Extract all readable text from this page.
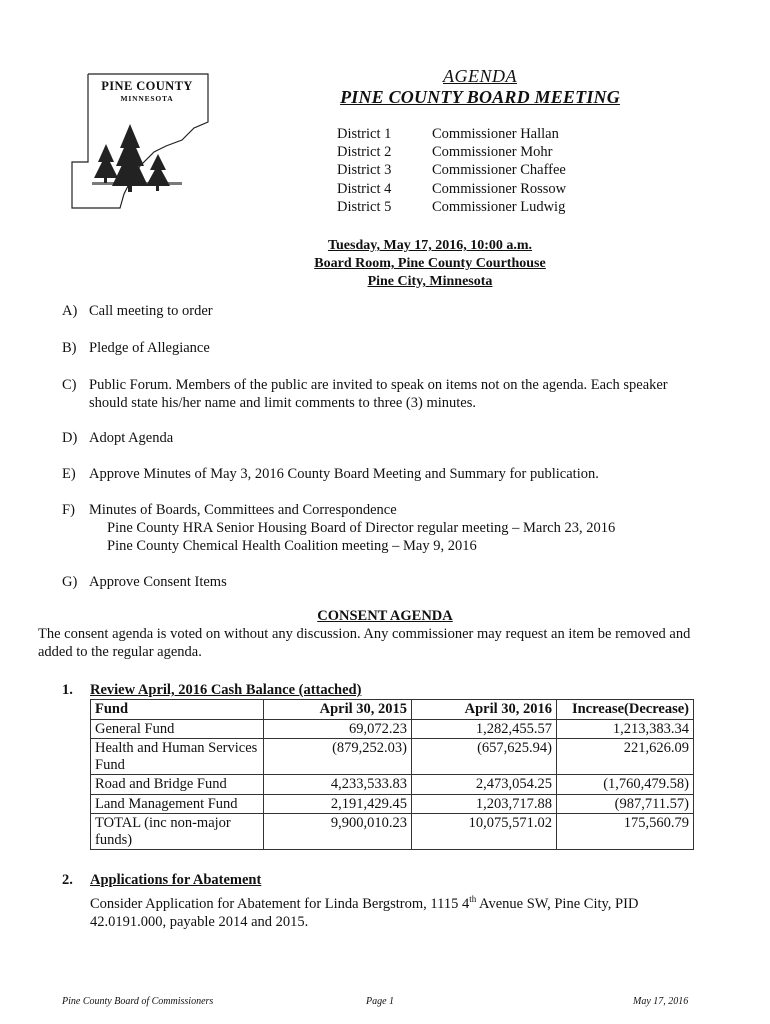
PINE COUNTY
MINNESOTA
AGENDA
PINE COUNTY BOARD MEETING
District 1	Commissioner Hallan
District 2	Commissioner Mohr
District 3	Commissioner Chaffee
District 4	Commissioner Rossow
District 5	Commissioner Ludwig
Tuesday, May 17, 2016, 10:00 a.m.
Board Room, Pine County Courthouse
Pine City, Minnesota
A) Call meeting to order
B) Pledge of Allegiance
C) Public Forum. Members of the public are invited to speak on items not on the agenda. Each speaker
should state his/her name and limit comments to three (3) minutes.
D) Adopt Agenda
E) Approve Minutes of May 3, 2016 County Board Meeting and Summary for publication.
F) Minutes of Boards, Committees and Correspondence
Pine County HRA Senior Housing Board of Director regular meeting – March 23, 2016
Pine County Chemical Health Coalition meeting – May 9, 2016
G) Approve Consent Items
CONSENT AGENDA
The consent agenda is voted on without any discussion. Any commissioner may request an item be removed and
added to the regular agenda.
1. Review April, 2016 Cash Balance (attached)
Fund	April 30, 2015	April 30, 2016	Increase(Decrease)
General Fund	69,072.23	1,282,455.57	1,213,383.34
Health and Human Services Fund	(879,252.03)	(657,625.94)	221,626.09
Road and Bridge Fund	4,233,533.83	2,473,054.25	(1,760,479.58)
Land Management Fund	2,191,429.45	1,203,717.88	(987,711.57)
TOTAL (inc non-major funds)	9,900,010.23	10,075,571.02	175,560.79
2. Applications for Abatement
Consider Application for Abatement for Linda Bergstrom, 1115 4th Avenue SW, Pine City, PID
42.0191.000, payable 2014 and 2015.
Pine County Board of Commissioners	Page 1	May 17, 2016
